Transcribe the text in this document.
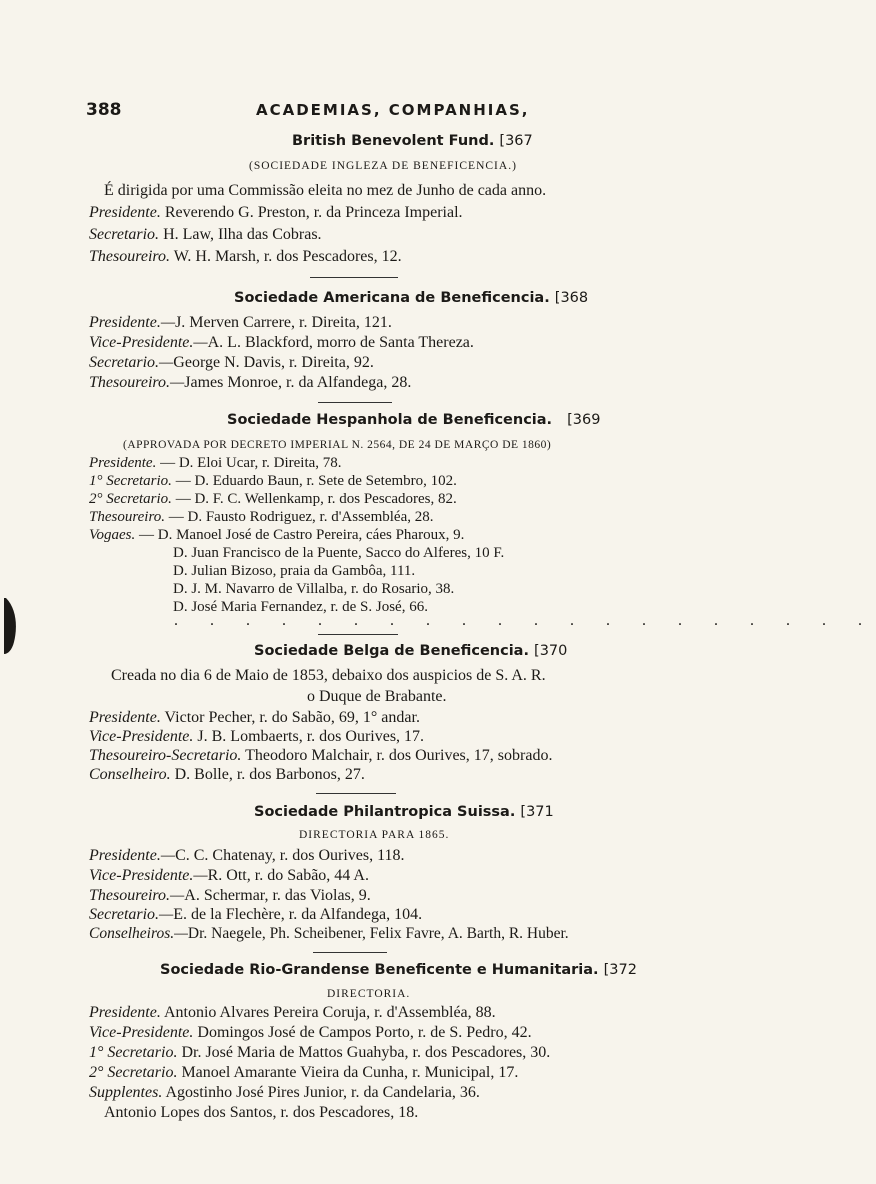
388	ACADEMIAS, COMPANHIAS,
British Benevolent Fund. [367
(SOCIEDADE INGLEZA DE BENEFICENCIA.)
É dirigida por uma Commissão eleita no mez de Junho de cada anno.
Presidente. Reverendo G. Preston, r. da Princeza Imperial.
Secretario. H. Law, Ilha das Cobras.
Thesoureiro. W. H. Marsh, r. dos Pescadores, 12.
Sociedade Americana de Beneficencia. [368
Presidente.—J. Merven Carrere, r. Direita, 121.
Vice-Presidente.—A. L. Blackford, morro de Santa Thereza.
Secretario.—George N. Davis, r. Direita, 92.
Thesoureiro.—James Monroe, r. da Alfandega, 28.
Sociedade Hespanhola de Beneficencia. [369
(APPROVADA POR DECRETO IMPERIAL N. 2564, DE 24 DE MARÇO DE 1860)
Presidente. — D. Eloi Ucar, r. Direita, 78.
1° Secretario. — D. Eduardo Baun, r. Sete de Setembro, 102.
2° Secretario. — D. F. C. Wellenkamp, r. dos Pescadores, 82.
Thesoureiro. — D. Fausto Rodriguez, r. d'Assembléa, 28.
Vogaes. — D. Manoel José de Castro Pereira, cáes Pharoux, 9.
D. Juan Francisco de la Puente, Sacco do Alferes, 10 F.
D. Julian Bizoso, praia da Gambôa, 111.
D. J. M. Navarro de Villalba, r. do Rosario, 38.
D. José Maria Fernandez, r. de S. José, 66.
. . . . . . . . . . . . . . . . . . . .
Sociedade Belga de Beneficencia. [370
Creada no dia 6 de Maio de 1853, debaixo dos auspicios de S. A. R.
o Duque de Brabante.
Presidente. Victor Pecher, r. do Sabão, 69, 1° andar.
Vice-Presidente. J. B. Lombaerts, r. dos Ourives, 17.
Thesoureiro-Secretario. Theodoro Malchair, r. dos Ourives, 17, sobrado.
Conselheiro. D. Bolle, r. dos Barbonos, 27.
Sociedade Philantropica Suissa. [371
DIRECTORIA PARA 1865.
Presidente.—C. C. Chatenay, r. dos Ourives, 118.
Vice-Presidente.—R. Ott, r. do Sabão, 44 A.
Thesoureiro.—A. Schermar, r. das Violas, 9.
Secretario.—E. de la Flechère, r. da Alfandega, 104.
Conselheiros.—Dr. Naegele, Ph. Scheibener, Felix Favre, A. Barth, R. Huber.
Sociedade Rio-Grandense Beneficente e Humanitaria. [372
DIRECTORIA.
Presidente. Antonio Alvares Pereira Coruja, r. d'Assembléa, 88.
Vice-Presidente. Domingos José de Campos Porto, r. de S. Pedro, 42.
1° Secretario. Dr. José Maria de Mattos Guahyba, r. dos Pescadores, 30.
2° Secretario. Manoel Amarante Vieira da Cunha, r. Municipal, 17.
Supplentes. Agostinho José Pires Junior, r. da Candelaria, 36.
Antonio Lopes dos Santos, r. dos Pescadores, 18.
